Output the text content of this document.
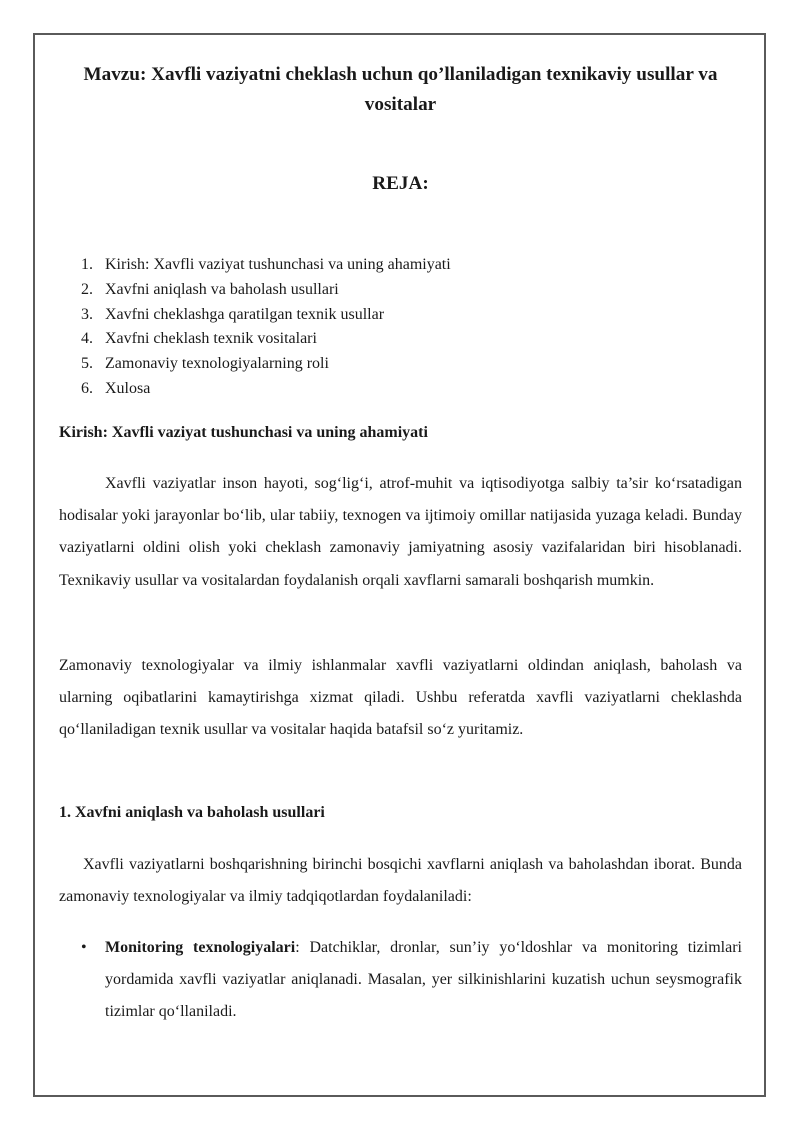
Mavzu: Xavfli vaziyatni cheklash uchun qo’llaniladigan texnikaviy usullar va vositalar
REJA:
1. Kirish: Xavfli vaziyat tushunchasi va uning ahamiyati
2. Xavfni aniqlash va baholash usullari
3. Xavfni cheklashga qaratilgan texnik usullar
4. Xavfni cheklash texnik vositalari
5. Zamonaviy texnologiyalarning roli
6. Xulosa
Kirish: Xavfli vaziyat tushunchasi va uning ahamiyati

Xavfli vaziyatlar inson hayoti, sog‘lig‘i, atrof-muhit va iqtisodiyotga salbiy ta’sir ko‘rsatadigan hodisalar yoki jarayonlar bo‘lib, ular tabiiy, texnogen va ijtimoiy omillar natijasida yuzaga keladi. Bunday vaziyatlarni oldini olish yoki cheklash zamonaviy jamiyatning asosiy vazifalaridan biri hisoblanadi. Texnikaviy usullar va vositalardan foydalanish orqali xavflarni samarali boshqarish mumkin.

Zamonaviy texnologiyalar va ilmiy ishlanmalar xavfli vaziyatlarni oldindan aniqlash, baholash va ularning oqibatlarini kamaytirishga xizmat qiladi. Ushbu referatda xavfli vaziyatlarni cheklashda qo‘llaniladigan texnik usullar va vositalar haqida batafsil so‘z yuritamiz.

1. Xavfni aniqlash va baholash usullari

Xavfli vaziyatlarni boshqarishning birinchi bosqichi xavflarni aniqlash va baholashdan iborat. Bunda zamonaviy texnologiyalar va ilmiy tadqiqotlardan foydalaniladi:

• Monitoring texnologiyalari: Datchiklar, dronlar, sun’iy yo‘ldoshlar va monitoring tizimlari yordamida xavfli vaziyatlar aniqlanadi. Masalan, yer silkinishlarini kuzatish uchun seysmografik tizimlar qo‘llaniladi.
